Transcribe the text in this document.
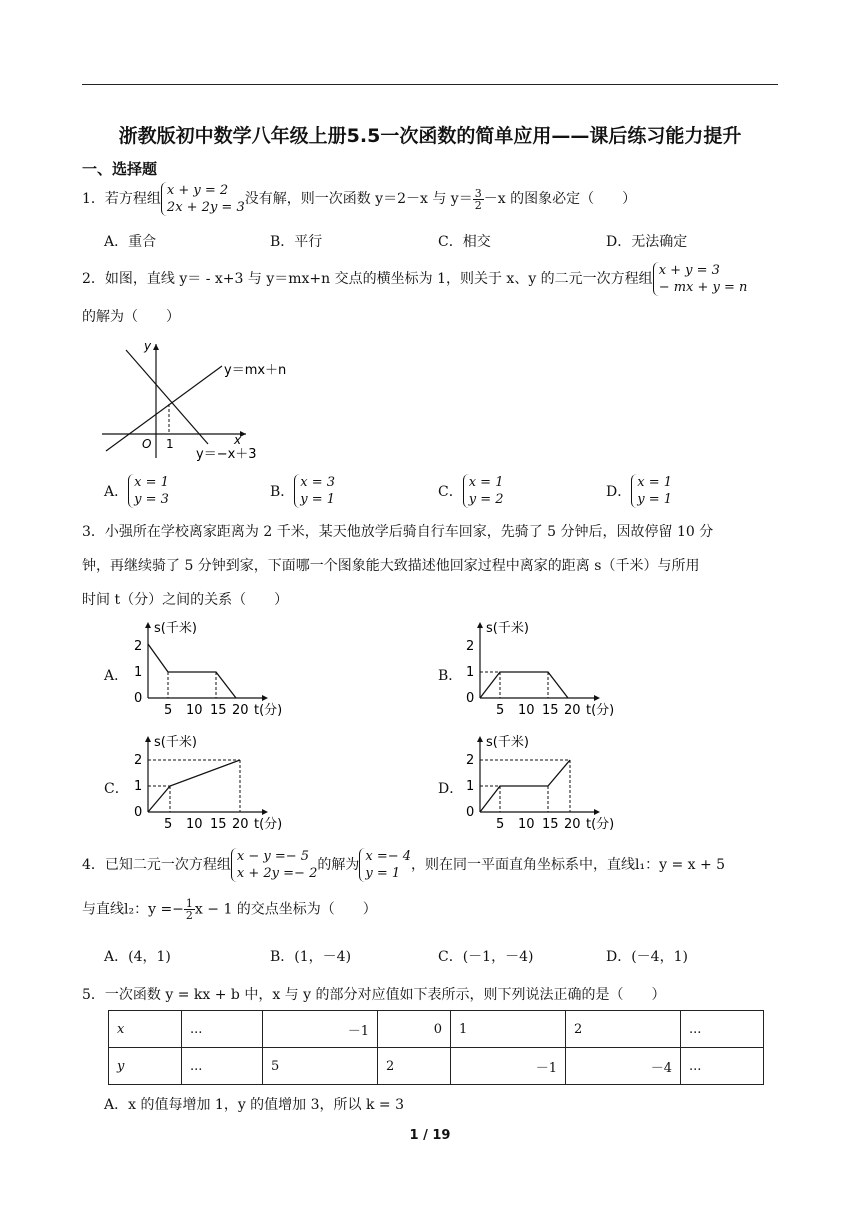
浙教版初中数学八年级上册5.5一次函数的简单应用——课后练习能力提升
一、选择题
1．若方程组x + y = 2
2x + 2y = 3没有解，则一次函数 y＝2－x 与 $y= \frac{3}{2} -x$ 的图象必定（　　）
A．重合	B．平行	C．相交	D．无法确定
2．如图，直线 y＝ - x+3 与 y＝mx+n 交点的横坐标为 1，则关于 x、y 的二元一次方程组x + y = 3
− mx + y = n
的解为（　　）
y
x
O 1
y＝mx＋n
y＝−x＋3
A．x = 1
y = 3	B．x = 3
y = 1	C．x = 1
y = 2	D．x = 1
y = 1
3．小强所在学校离家距离为 2 千米，某天他放学后骑自行车回家，先骑了 5 分钟后，因故停留 10 分
钟，再继续骑了 5 分钟到家，下面哪一个图象能大致描述他回家过程中离家的距离 s（千米）与所用
时间 t（分）之间的关系（　　）
A．	B．
C．	D．
s(千米)
t(分)
0
1
2
5 10 15 20
s(千米)
t(分)
0
1
2
5 10 15 20
s(千米)
t(分)
0
1
2
5 10 15 20
s(千米)
t(分)
0
1
2
5 10 15 20
4．已知二元一次方程组x − y =− 5
x + 2y =− 2的解为x =− 4
y = 1，则在同一平面直角坐标系中，直线l₁：y = x + 5
与直线l₂：$y =- \frac{1}{2}$ x − 1 的交点坐标为（　　）
A．(4，1)	B．(1，－4)	C．(－1，－4)	D．(－4，1)
5．一次函数 y = kx + b 中，x 与 y 的部分对应值如下表所示，则下列说法正确的是（　　）
x	...	－1	0	1	2	...
y	...	5	2	－1	－4	...
A．x 的值每增加 1，y 的值增加 3，所以 k = 3
1 / 19
